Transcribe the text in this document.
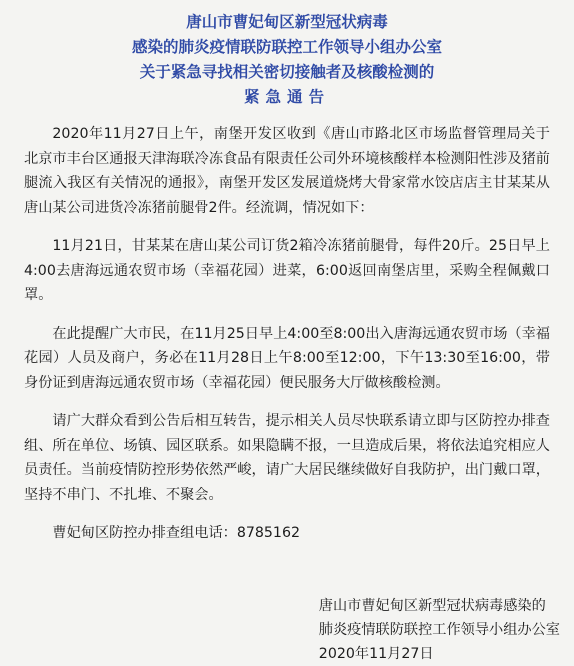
唐山市曹妃甸区新型冠状病毒
感染的肺炎疫情联防联控工作领导小组办公室
关于紧急寻找相关密切接触者及核酸检测的
紧急通告

2020年11月27日上午，南堡开发区收到《唐山市路北区市场监督管理局关于北京市丰台区通报天津海联冷冻食品有限责任公司外环境核酸样本检测阳性涉及猪前腿流入我区有关情况的通报》，南堡开发区发展道烧烤大骨家常水饺店店主甘某某从唐山某公司进货冷冻猪前腿骨2件。经流调，情况如下：

11月21日，甘某某在唐山某公司订货2箱冷冻猪前腿骨，每件20斤。25日早上4:00去唐海远通农贸市场（幸福花园）进菜，6:00返回南堡店里，采购全程佩戴口罩。

在此提醒广大市民，在11月25日早上4:00至8:00出入唐海远通农贸市场（幸福花园）人员及商户，务必在11月28日上午8:00至12:00，下午13:30至16:00，带身份证到唐海远通农贸市场（幸福花园）便民服务大厅做核酸检测。

请广大群众看到公告后相互转告，提示相关人员尽快联系请立即与区防控办排查组、所在单位、场镇、园区联系。如果隐瞒不报，一旦造成后果，将依法追究相应人员责任。当前疫情防控形势依然严峻，请广大居民继续做好自我防护，出门戴口罩，坚持不串门、不扎堆、不聚会。

曹妃甸区防控办排查组电话：8785162

唐山市曹妃甸区新型冠状病毒感染的
肺炎疫情联防联控工作领导小组办公室
2020年11月27日
